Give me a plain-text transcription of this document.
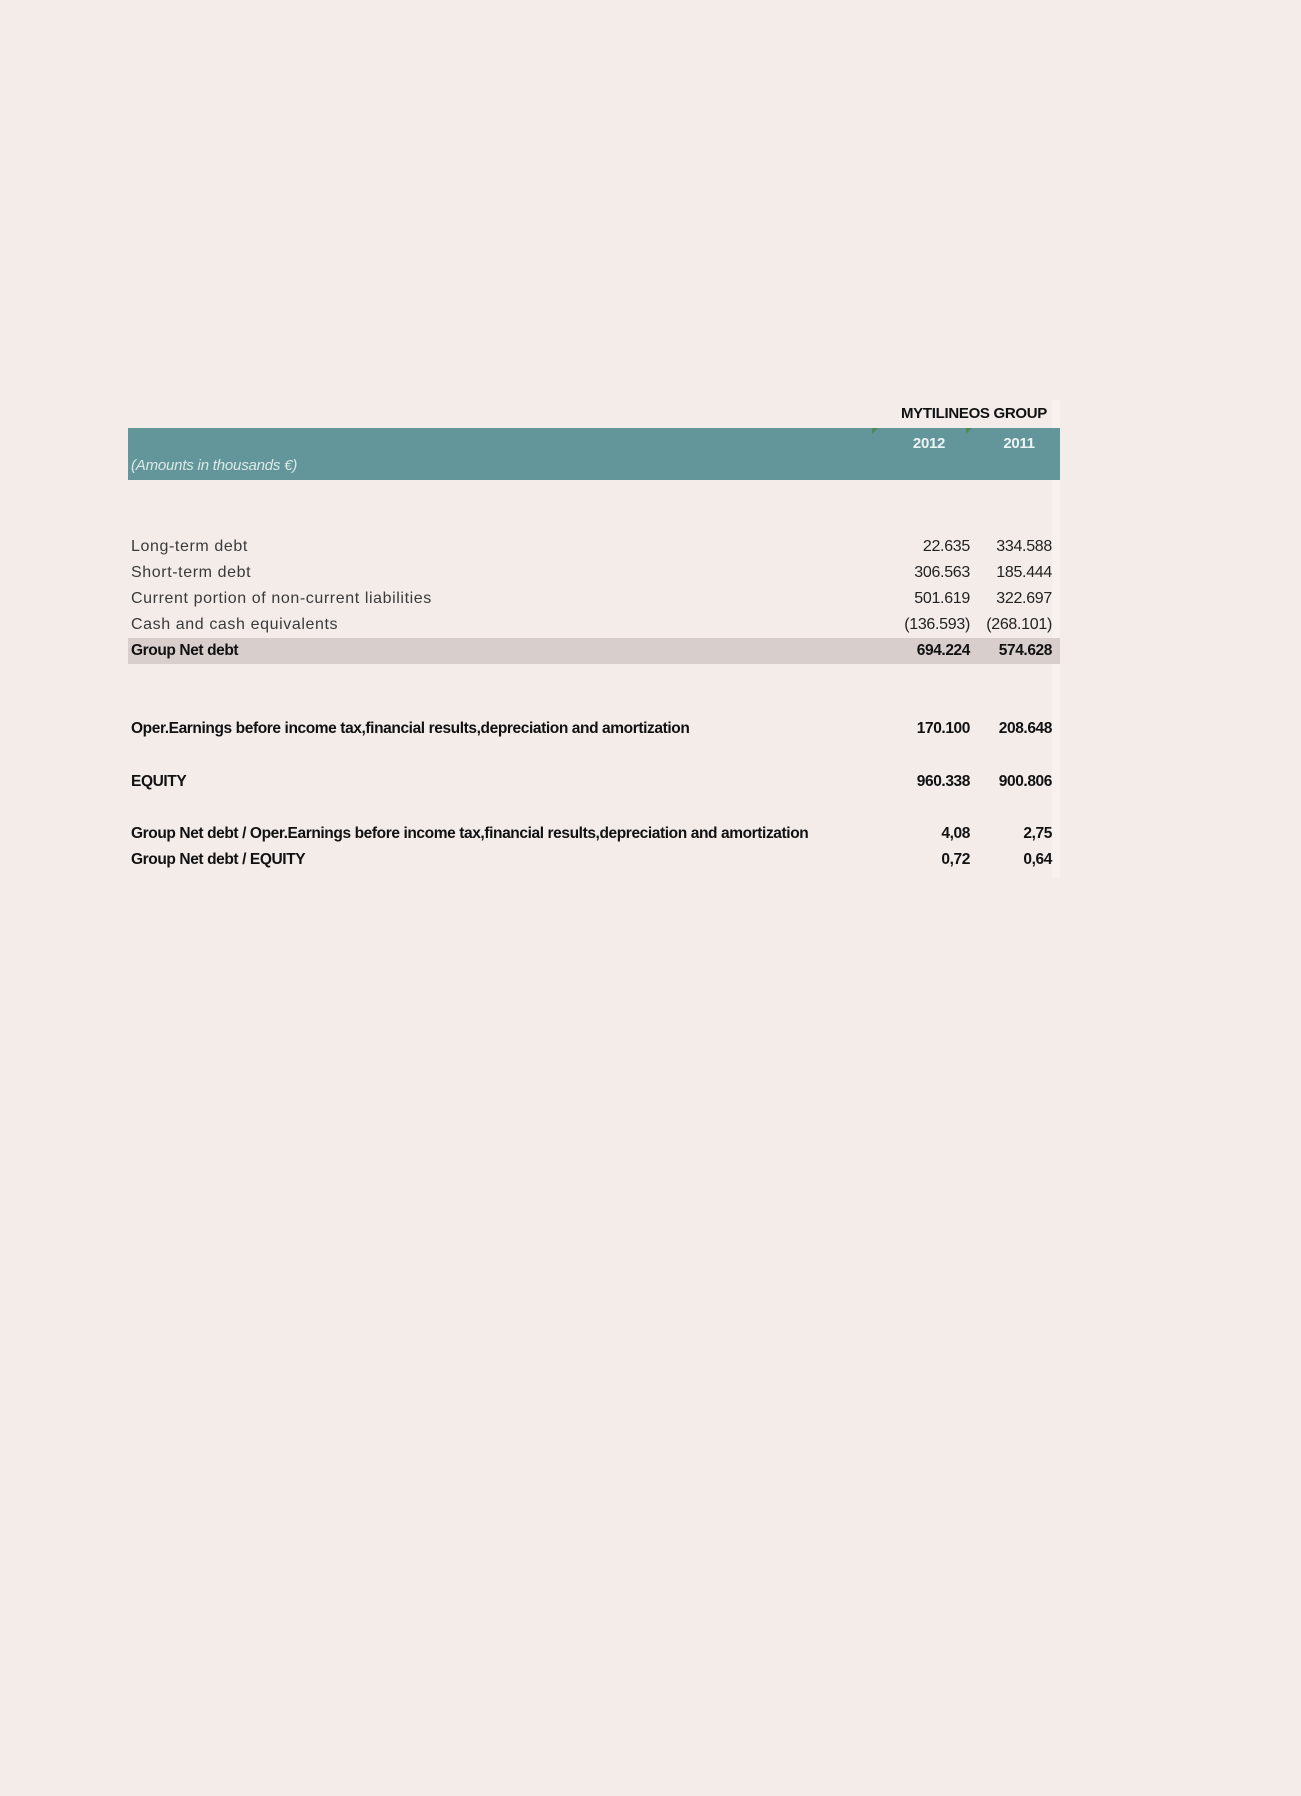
MYTILINEOS GROUP
2012	2011
(Amounts in thousands €)
Long-term debt	22.635	334.588
Short-term debt	306.563	185.444
Current portion of non-current liabilities	501.619	322.697
Cash and cash equivalents	(136.593)	(268.101)
Group Net debt	694.224	574.628
Oper.Earnings before income tax,financial results,depreciation and amortization	170.100	208.648
EQUITY	960.338	900.806
Group Net debt / Oper.Earnings before income tax,financial results,depreciation and amortization	4,08	2,75
Group Net debt / EQUITY	0,72	0,64
